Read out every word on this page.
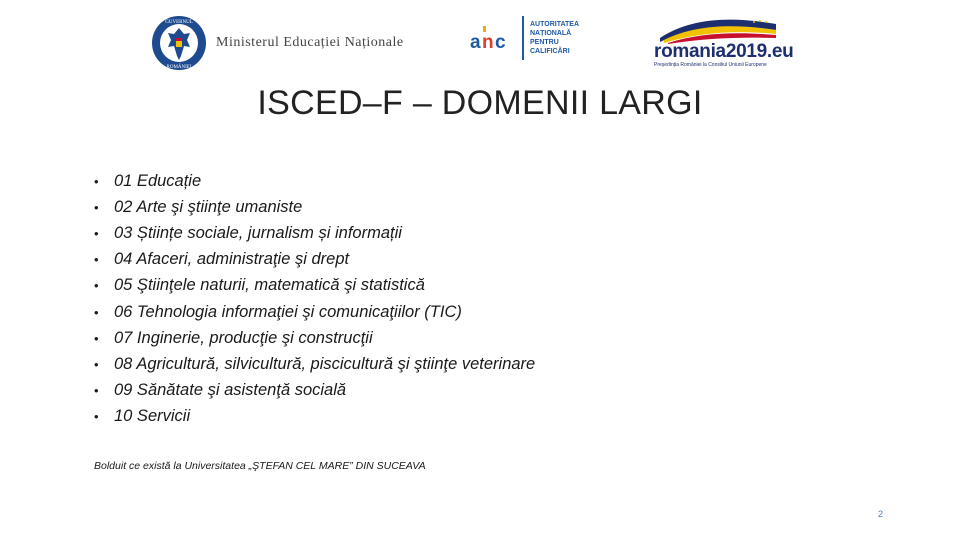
GUVERNUL
ROMÂNIEI
Ministerul Educației Naționale	a n c
AUTORITATEA
NAȚIONALĂ
PENTRU
CALIFICĂRI	romania2019.eu
Președinția României la Consiliul Uniunii Europene
ISCED–F – DOMENII LARGI
• 01 Educație
• 02 Arte şi ştiinţe umaniste
• 03 Științe sociale, jurnalism și informații
• 04 Afaceri, administraţie şi drept
• 05 Ştiinţele naturii, matematică şi statistică
• 06 Tehnologia informaţiei şi comunicaţiilor (TIC)
• 07 Inginerie, producţie şi construcţii
• 08 Agricultură, silvicultură, piscicultură şi ştiinţe veterinare
• 09 Sănătate şi asistenţă socială
• 10 Servicii
Bolduit ce există la Universitatea „ŞTEFAN CEL MARE” DIN SUCEAVA
2
